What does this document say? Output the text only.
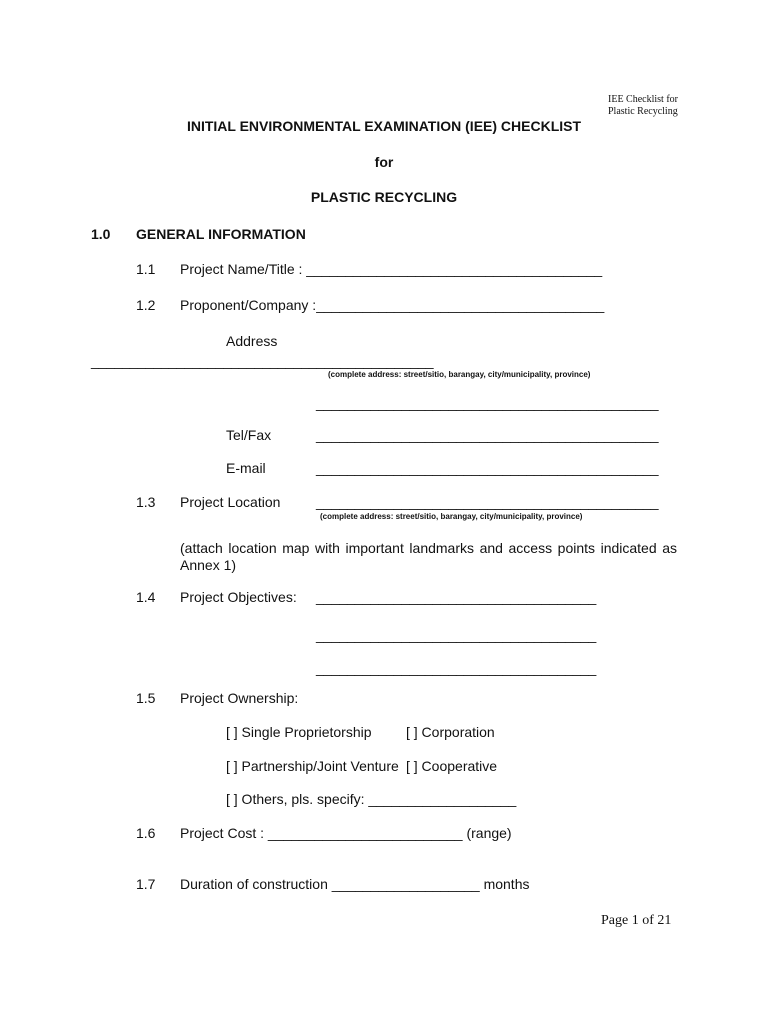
IEE Checklist for
Plastic Recycling
INITIAL ENVIRONMENTAL EXAMINATION (IEE) CHECKLIST
for
PLASTIC RECYCLING
1.0 GENERAL INFORMATION
1.1 Project Name/Title : ______________________________________
1.2 Proponent/Company :_____________________________________
Address
____________________________________________
(complete address: street/sitio, barangay, city/municipality, province)
____________________________________________
Tel/Fax	____________________________________________
E-mail	____________________________________________
1.3 Project Location	____________________________________________
(complete address: street/sitio, barangay, city/municipality, province)
(attach location map with important landmarks and access points indicated as Annex 1)
1.4 Project Objectives: ____________________________________
____________________________________
____________________________________
1.5 Project Ownership:
[ ] Single Proprietorship [ ] Corporation
[ ] Partnership/Joint Venture [ ] Cooperative
[ ] Others, pls. specify: ___________________
1.6 Project Cost : _________________________ (range)
1.7 Duration of construction ___________________ months
Page 1 of 21
